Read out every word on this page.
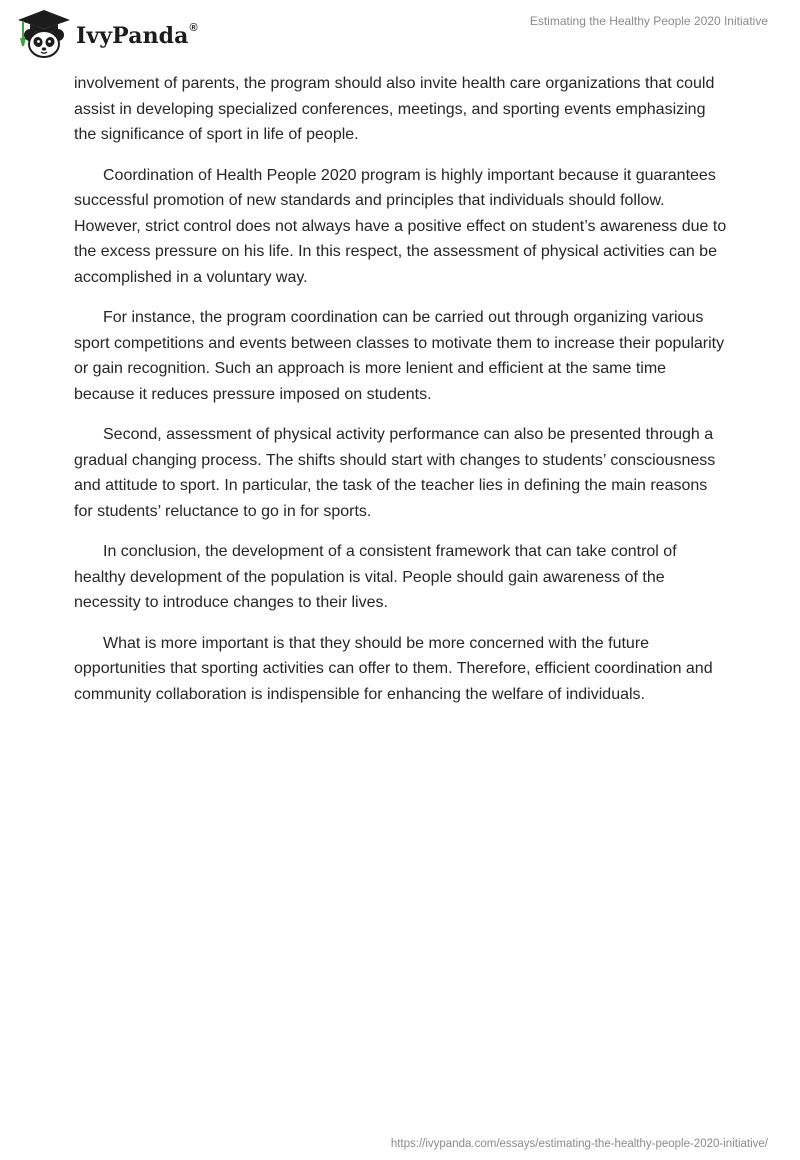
IvyPanda®	Estimating the Healthy People 2020 Initiative

involvement of parents, the program should also invite health care organizations that could assist in developing specialized conferences, meetings, and sporting events emphasizing the significance of sport in life of people.

Coordination of Health People 2020 program is highly important because it guarantees successful promotion of new standards and principles that individuals should follow. However, strict control does not always have a positive effect on student’s awareness due to the excess pressure on his life. In this respect, the assessment of physical activities can be accomplished in a voluntary way.

For instance, the program coordination can be carried out through organizing various sport competitions and events between classes to motivate them to increase their popularity or gain recognition. Such an approach is more lenient and efficient at the same time because it reduces pressure imposed on students.

Second, assessment of physical activity performance can also be presented through a gradual changing process. The shifts should start with changes to students’ consciousness and attitude to sport. In particular, the task of the teacher lies in defining the main reasons for students’ reluctance to go in for sports.

In conclusion, the development of a consistent framework that can take control of healthy development of the population is vital. People should gain awareness of the necessity to introduce changes to their lives.

What is more important is that they should be more concerned with the future opportunities that sporting activities can offer to them. Therefore, efficient coordination and community collaboration is indispensible for enhancing the welfare of individuals.

https://ivypanda.com/essays/estimating-the-healthy-people-2020-initiative/
